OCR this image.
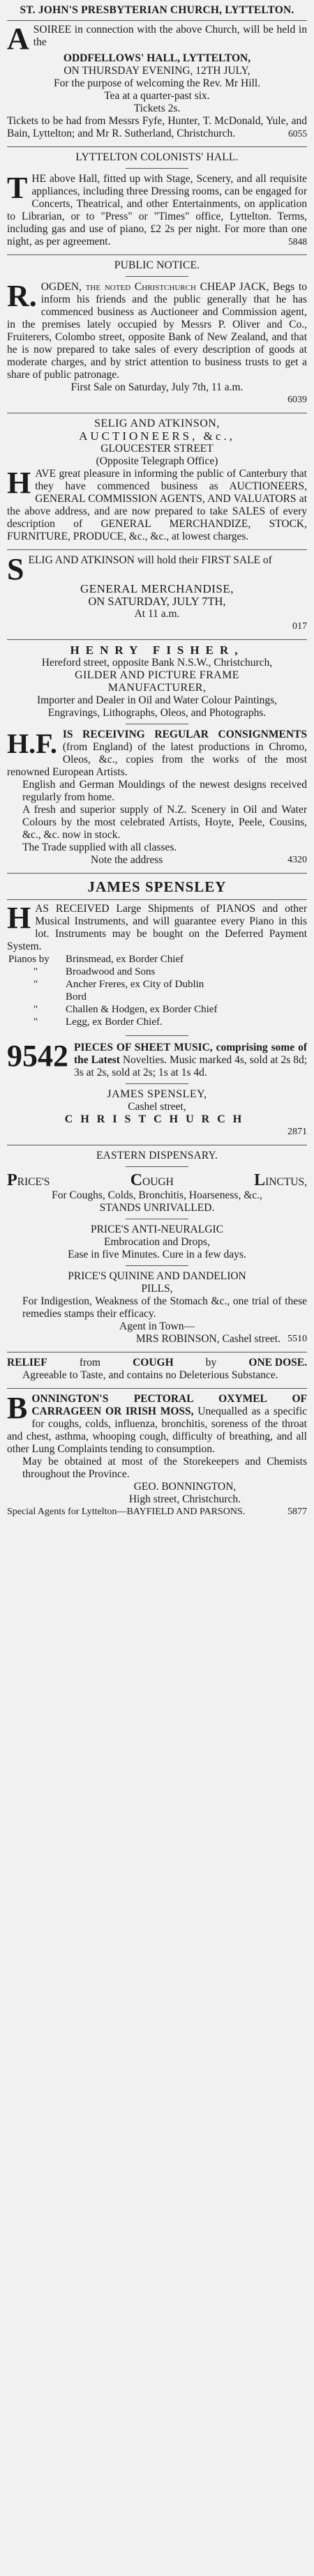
ST. JOHN'S PRESBYTERIAN CHURCH, LYTTELTON.
A SOIREE in connection with the above Church, will be held in the
ODDFELLOWS' HALL, LYTTELTON,
ON THURSDAY EVENING, 12TH JULY,
For the purpose of welcoming the Rev. Mr Hill.
Tea at a quarter-past six.
Tickets 2s.
Tickets to be had from Messrs Fyfe, Hunter, T. McDonald, Yule, and Bain, Lyttelton; and Mr R. Sutherland, Christchurch.	6055
LYTTELTON COLONISTS' HALL.
T HE above Hall, fitted up with Stage, Scenery, and all requisite appliances, including three Dressing rooms, can be engaged for Concerts, Theatrical, and other Entertainments, on application to Librarian, or to "Press" or "Times" office, Lyttelton. Terms, including gas and use of piano, £2 2s per night. For more than one night, as per agreement.	5848
PUBLIC NOTICE.
R. OGDEN, the noted Christchurch CHEAP JACK, Begs to inform his friends and the public generally that he has commenced business as Auctioneer and Commission agent, in the premises lately occupied by Messrs P. Oliver and Co., Fruiterers, Colombo street, opposite Bank of New Zealand, and that he is now prepared to take sales of every description of goods at moderate charges, and by strict attention to business trusts to get a share of public patronage.
First Sale on Saturday, July 7th, 11 a.m.
6039
SELIG AND ATKINSON,
AUCTIONEERS, &c.,
GLOUCESTER STREET
(Opposite Telegraph Office)
H AVE great pleasure in informing the public of Canterbury that they have commenced business as AUCTIONEERS, GENERAL COMMISSION AGENTS, AND VALUATORS at the above address, and are now prepared to take SALES of every description of GENERAL MERCHANDIZE, STOCK, FURNITURE, PRODUCE, &c., &c., at lowest charges.
S ELIG AND ATKINSON will hold their FIRST SALE of
GENERAL MERCHANDISE,
ON SATURDAY, JULY 7TH,
At 11 a.m.
017
HENRY FISHER,
Hereford street, opposite Bank N.S.W., Christchurch,
GILDER AND PICTURE FRAME
MANUFACTURER,
Importer and Dealer in Oil and Water Colour Paintings,
Engravings, Lithographs, Oleos, and Photographs.
H.F. IS RECEIVING REGULAR CONSIGNMENTS (from England) of the latest productions in Chromo, Oleos, &c., copies from the works of the most renowned European Artists.
English and German Mouldings of the newest designs received regularly from home.
A fresh and superior supply of N.Z. Scenery in Oil and Water Colours by the most celebrated Artists, Hoyte, Peele, Cousins, &c., &c. now in stock.
The Trade supplied with all classes.
Note the address	4320
JAMES SPENSLEY
H AS RECEIVED Large Shipments of PIANOS and other Musical Instruments, and will guarantee every Piano in this lot. Instruments may be bought on the Deferred Payment System.
Pianos by	Brinsmead, ex Border Chief
"	Broadwood and Sons
"	Ancher Freres, ex City of Dublin
	Bord
"	Challen & Hodgen, ex Border Chief
"	Legg, ex Border Chief.
9542 PIECES OF SHEET MUSIC, comprising some of the Latest Novelties. Music marked 4s, sold at 2s 8d; 3s at 2s, sold at 2s; 1s at 1s 4d.
JAMES SPENSLEY,
Cashel street,
CHRISTCHURCH
2871
EASTERN DISPENSARY.
PRICE'S	COUGH	LINCTUS,
For Coughs, Colds, Bronchitis, Hoarseness, &c.,
STANDS UNRIVALLED.
PRICE'S ANTI-NEURALGIC
Embrocation and Drops,
Ease in five Minutes. Cure in a few days.
PRICE'S QUININE AND DANDELION
PILLS,
For Indigestion, Weakness of the Stomach &c., one trial of these remedies stamps their efficacy.
Agent in Town—
MRS ROBINSON, Cashel street. 5510
RELIEF	from	COUGH	by	ONE DOSE.
Agreeable to Taste, and contains no Deleterious Substance.
B ONNINGTON'S PECTORAL OXYMEL OF CARRAGEEN OR IRISH MOSS, Unequalled as a specific for coughs, colds, influenza, bronchitis, soreness of the throat and chest, asthma, whooping cough, difficulty of breathing, and all other Lung Complaints tending to consumption.
May be obtained at most of the Storekeepers and Chemists throughout the Province.
GEO. BONNINGTON,
High street, Christchurch.
Special Agents for Lyttelton—BAYFIELD AND PARSONS.	5877
